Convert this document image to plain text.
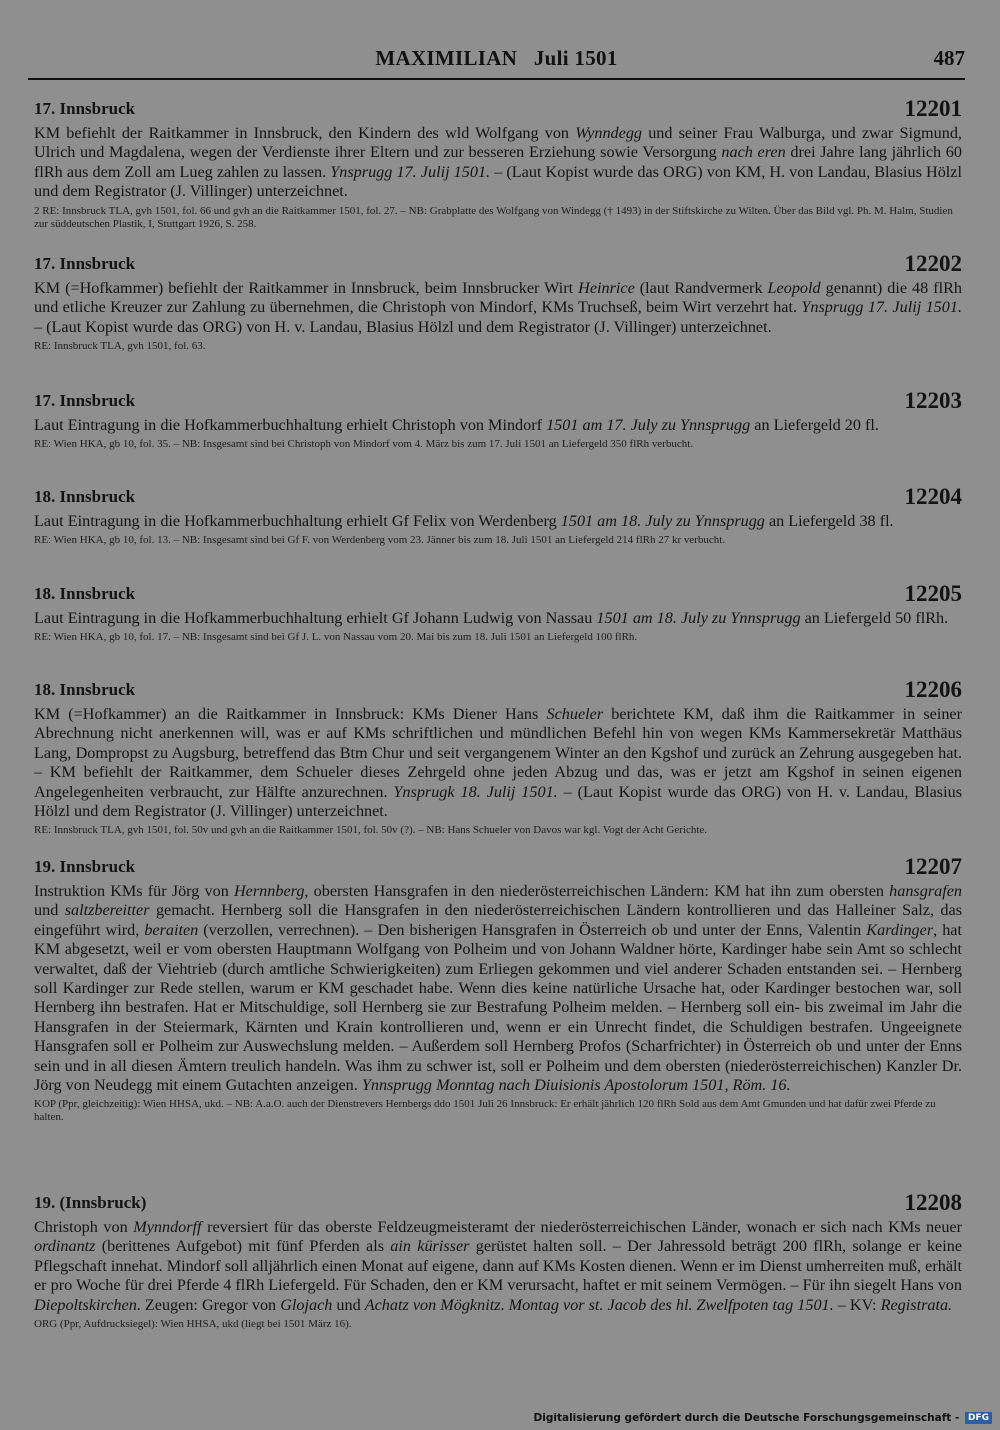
MAXIMILIAN   Juli 1501	487
17. Innsbruck	12201

KM befiehlt der Raitkammer in Innsbruck, den Kindern des wld Wolfgang von Wynndegg und seiner Frau Walburga, und zwar Sigmund, Ulrich und Magdalena, wegen der Verdienste ihrer Eltern und zur besseren Erziehung sowie Versorgung nach eren drei Jahre lang jährlich 60 flRh aus dem Zoll am Lueg zahlen zu lassen. Ynsprugg 17. Julij 1501. – (Laut Kopist wurde das ORG) von KM, H. von Landau, Blasius Hölzl und dem Registrator (J. Villinger) unterzeichnet.

2 RE: Innsbruck TLA, gvh 1501, fol. 66 und gvh an die Raitkammer 1501, fol. 27. – NB: Grabplatte des Wolfgang von Windegg († 1493) in der Stiftskirche zu Wilten. Über das Bild vgl. Ph. M. Halm, Studien zur süddeutschen Plastik, I, Stuttgart 1926, S. 258.
17. Innsbruck	12202

KM (=Hofkammer) befiehlt der Raitkammer in Innsbruck, beim Innsbrucker Wirt Heinrice (laut Randvermerk Leopold genannt) die 48 flRh und etliche Kreuzer zur Zahlung zu übernehmen, die Christoph von Mindorf, KMs Truchseß, beim Wirt verzehrt hat. Ynsprugg 17. Julij 1501. – (Laut Kopist wurde das ORG) von H. v. Landau, Blasius Hölzl und dem Registrator (J. Villinger) unterzeichnet.

RE: Innsbruck TLA, gvh 1501, fol. 63.
17. Innsbruck	12203

Laut Eintragung in die Hofkammerbuchhaltung erhielt Christoph von Mindorf 1501 am 17. July zu Ynnsprugg an Liefergeld 20 fl.

RE: Wien HKA, gb 10, fol. 35. – NB: Insgesamt sind bei Christoph von Mindorf vom 4. März bis zum 17. Juli 1501 an Liefergeld 350 flRh verbucht.
18. Innsbruck	12204

Laut Eintragung in die Hofkammerbuchhaltung erhielt Gf Felix von Werdenberg 1501 am 18. July zu Ynnsprugg an Liefergeld 38 fl.

RE: Wien HKA, gb 10, fol. 13. – NB: Insgesamt sind bei Gf F. von Werdenberg vom 23. Jänner bis zum 18. Juli 1501 an Liefergeld 214 flRh 27 kr verbucht.
18. Innsbruck	12205

Laut Eintragung in die Hofkammerbuchhaltung erhielt Gf Johann Ludwig von Nassau 1501 am 18. July zu Ynnsprugg an Liefergeld 50 flRh.

RE: Wien HKA, gb 10, fol. 17. – NB: Insgesamt sind bei Gf J. L. von Nassau vom 20. Mai bis zum 18. Juli 1501 an Liefergeld 100 flRh.
18. Innsbruck	12206

KM (=Hofkammer) an die Raitkammer in Innsbruck: KMs Diener Hans Schueler berichtete KM, daß ihm die Raitkammer in seiner Abrechnung nicht anerkennen will, was er auf KMs schriftlichen und mündlichen Befehl hin von wegen KMs Kammersekretär Matthäus Lang, Dompropst zu Augsburg, betreffend das Btm Chur und seit vergangenem Winter an den Kgshof und zurück an Zehrung ausgegeben hat. – KM befiehlt der Raitkammer, dem Schueler dieses Zehrgeld ohne jeden Abzug und das, was er jetzt am Kgshof in seinen eigenen Angelegenheiten verbraucht, zur Hälfte anzurechnen. Ynsprugk 18. Julij 1501. – (Laut Kopist wurde das ORG) von H. v. Landau, Blasius Hölzl und dem Registrator (J. Villinger) unterzeichnet.

RE: Innsbruck TLA, gvh 1501, fol. 50v und gvh an die Raitkammer 1501, fol. 50v (?). – NB: Hans Schueler von Davos war kgl. Vogt der Acht Gerichte.
19. Innsbruck	12207

Instruktion KMs für Jörg von Hernnberg, obersten Hansgrafen in den niederösterreichischen Ländern: KM hat ihn zum obersten hansgrafen und saltzbereitter gemacht. Hernberg soll die Hansgrafen in den niederösterreichischen Ländern kontrollieren und das Halleiner Salz, das eingeführt wird, beraiten (verzollen, verrechnen). – Den bisherigen Hansgrafen in Österreich ob und unter der Enns, Valentin Kardinger, hat KM abgesetzt, weil er vom obersten Hauptmann Wolfgang von Polheim und von Johann Waldner hörte, Kardinger habe sein Amt so schlecht verwaltet, daß der Viehtrieb (durch amtliche Schwierigkeiten) zum Erliegen gekommen und viel anderer Schaden entstanden sei. – Hernberg soll Kardinger zur Rede stellen, warum er KM geschadet habe. Wenn dies keine natürliche Ursache hat, oder Kardinger bestochen war, soll Hernberg ihn bestrafen. Hat er Mitschuldige, soll Hernberg sie zur Bestrafung Polheim melden. – Hernberg soll ein- bis zweimal im Jahr die Hansgrafen in der Steiermark, Kärnten und Krain kontrollieren und, wenn er ein Unrecht findet, die Schuldigen bestrafen. Ungeeignete Hansgrafen soll er Polheim zur Auswechslung melden. – Außerdem soll Hernberg Profos (Scharfrichter) in Österreich ob und unter der Enns sein und in all diesen Ämtern treulich handeln. Was ihm zu schwer ist, soll er Polheim und dem obersten (niederösterreichischen) Kanzler Dr. Jörg von Neudegg mit einem Gutachten anzeigen. Ynnsprugg Monntag nach Diuisionis Apostolorum 1501, Röm. 16.

KOP (Ppr, gleichzeitig): Wien HHSA, ukd. – NB: A.a.O. auch der Dienstrevers Hernbergs ddo 1501 Juli 26 Innsbruck: Er erhält jährlich 120 flRh Sold aus dem Amt Gmunden und hat dafür zwei Pferde zu halten.
19. (Innsbruck)	12208

Christoph von Mynndorff reversiert für das oberste Feldzeugmeisteramt der niederösterreichischen Länder, wonach er sich nach KMs neuer ordinantz (berittenes Aufgebot) mit fünf Pferden als ain kürisser gerüstet halten soll. – Der Jahressold beträgt 200 flRh, solange er keine Pflegschaft innehat. Mindorf soll alljährlich einen Monat auf eigene, dann auf KMs Kosten dienen. Wenn er im Dienst umherreiten muß, erhält er pro Woche für drei Pferde 4 flRh Liefergeld. Für Schaden, den er KM verursacht, haftet er mit seinem Vermögen. – Für ihn siegelt Hans von Diepoltskirchen. Zeugen: Gregor von Glojach und Achatz von Mögknitz. Montag vor st. Jacob des hl. Zwelfpoten tag 1501. – KV: Registrata.

ORG (Ppr, Aufdrucksiegel): Wien HHSA, ukd (liegt bei 1501 März 16).
Digitalisierung gefördert durch die Deutsche Forschungsgemeinschaft - DFG
